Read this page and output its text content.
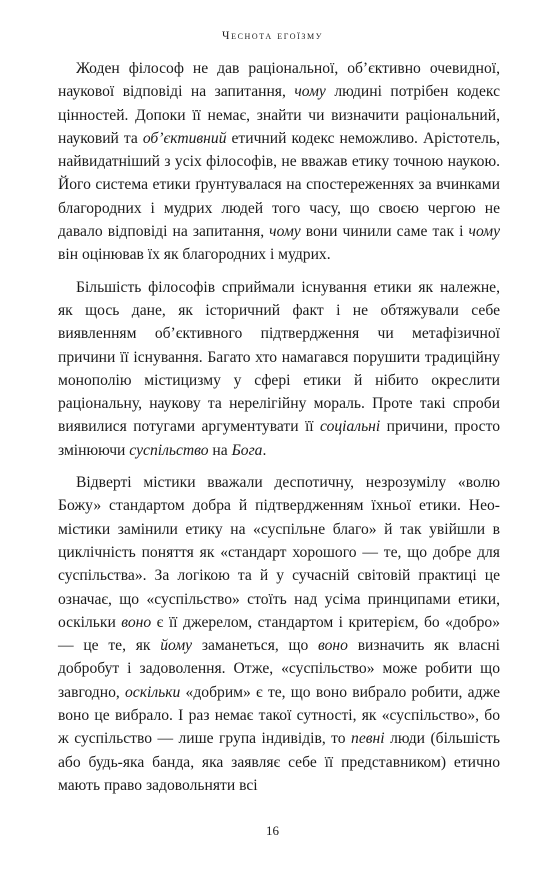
Чеснота егоїзму

Жоден філософ не дав раціональної, об’єктивно очевидної, наукової відповіді на запитання, чому людині потрібен кодекс цінностей. Допоки її немає, знайти чи визначити раціональний, науковий та об’єктивний етичний кодекс неможливо. Арістотель, найвидатніший з усіх філософів, не вважав етику точною наукою. Його система етики ґрунтувалася на спостереженнях за вчинками благородних і мудрих людей того часу, що своєю чергою не давало відповіді на запитання, чому вони чинили саме так і чому він оцінював їх як благородних і мудрих.

Більшість філософів сприймали існування етики як належне, як щось дане, як історичний факт і не обтяжували себе виявленням об’єктивного підтвердження чи метафізичної причини її існування. Багато хто намагався порушити традиційну монополію містицизму у сфері етики й нібито окреслити раціональну, наукову та нерелігійну мораль. Проте такі спроби виявилися потугами аргументувати її соціальні причини, просто змінюючи суспільство на Бога.

Відверті містики вважали деспотичну, незрозумілу «волю Божу» стандартом добра й підтвердженням їхньої етики. Неомістики замінили етику на «суспільне благо» й так увійшли в циклічність поняття як «стандарт хорошого — те, що добре для суспільства». За логікою та й у сучасній світовій практиці це означає, що «суспільство» стоїть над усіма принципами етики, оскільки воно є її джерелом, стандартом і критерієм, бо «добро» — це те, як йому заманеться, що воно визначить як власні добробут і задоволення. Отже, «суспільство» може робити що завгодно, оскільки «добрим» є те, що воно вибрало робити, адже воно це вибрало. І раз немає такої сутності, як «суспільство», бо ж суспільство — лише група індивідів, то певні люди (більшість або будь-яка банда, яка заявляє себе її представником) етично мають право задовольняти всі

16
